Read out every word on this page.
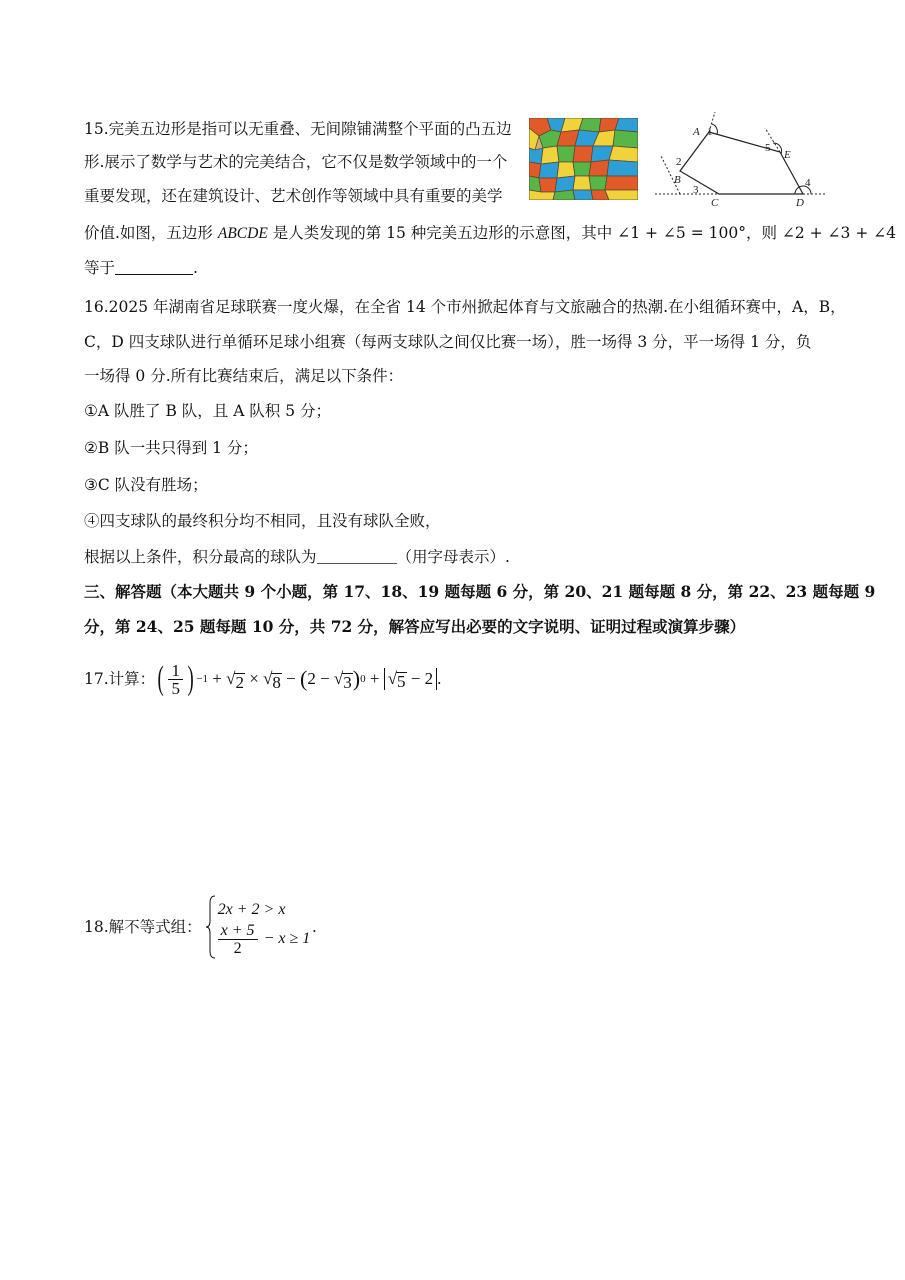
15.完美五边形是指可以无重叠、无间隙铺满整个平面的凸五边
形.展示了数学与艺术的完美结合，它不仅是数学领域中的一个
重要发现，还在建筑设计、艺术创作等领域中具有重要的美学
价值.如图，五边形 ABCDE 是人类发现的第 15 种完美五边形的示意图，其中 ∠1 + ∠5 = 100°，则 ∠2 + ∠3 + ∠4
等于	.
A 1
B
2
C
3
D
4
E
5
16.2025 年湖南省足球联赛一度火爆，在全省 14 个市州掀起体育与文旅融合的热潮.在小组循环赛中，A，B，
C，D 四支球队进行单循环足球小组赛（每两支球队之间仅比赛一场），胜一场得 3 分，平一场得 1 分，负
一场得 0 分.所有比赛结束后，满足以下条件：
①A 队胜了 B 队，且 A 队积 5 分；
②B 队一共只得到 1 分；
③C 队没有胜场；
④四支球队的最终积分均不相同，且没有球队全败，
根据以上条件，积分最高的球队为	（用字母表示）.
三、解答题（本大题共 9 个小题，第 17、18、19 题每题 6 分，第 20、21 题每题 8 分，第 22、23 题每题 9
分，第 24、25 题每题 10 分，共 72 分，解答应写出必要的文字说明、证明过程或演算步骤）
17.计算： ( $\frac{1}{5}$ ) −1 + √ 2 × √ 8 − ( 2 − √ 3 ) 0 + √ 5 − 2 .
18.解不等式组：
2x + 2 > x
$\frac{x + 5}{2} - x \ge 1$
.
